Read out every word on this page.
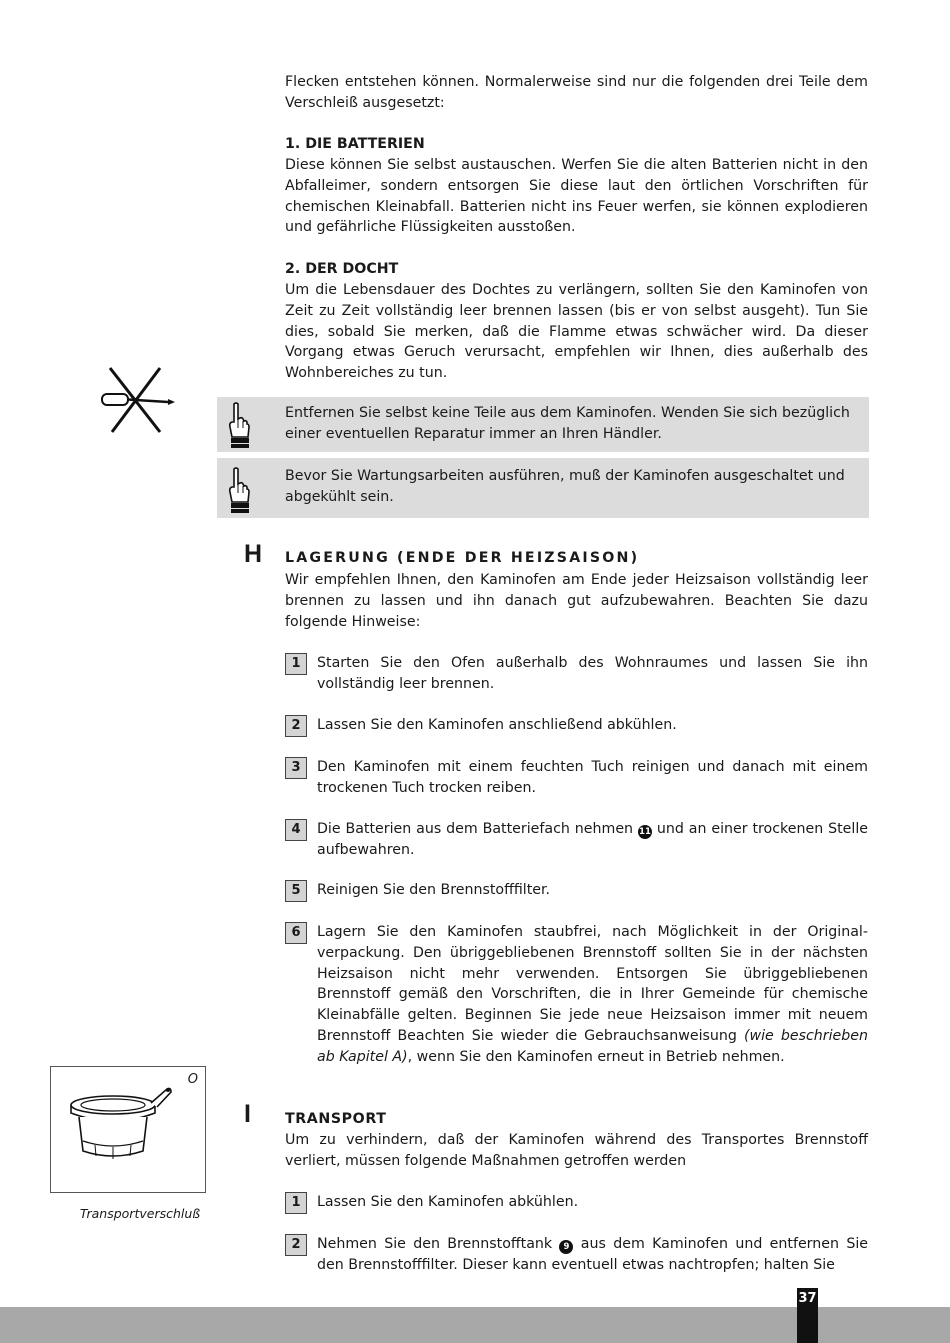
Flecken entstehen können. Normalerweise sind nur die folgenden drei Teile dem Verschleiß ausgesetzt:

1. DIE BATTERIEN

Diese können Sie selbst austauschen. Werfen Sie die alten Batterien nicht in den Abfalleimer, sondern entsorgen Sie diese laut den örtlichen Vorschriften für chemischen Kleinabfall. Batterien nicht ins Feuer werfen, sie können explodieren und gefährliche Flüssigkeiten ausstoßen.

2. DER DOCHT

Um die Lebensdauer des Dochtes zu verlängern, sollten Sie den Kaminofen von Zeit zu Zeit vollständig leer brennen lassen (bis er von selbst ausgeht). Tun Sie dies, sobald Sie merken, daß die Flamme etwas schwächer wird. Da dieser Vorgang etwas Geruch verursacht, empfehlen wir Ihnen, dies außerhalb des Wohnbereiches zu tun.

Entfernen Sie selbst keine Teile aus dem Kaminofen. Wenden Sie sich bezüglich einer eventuellen Reparatur immer an Ihren Händler.
Bevor Sie Wartungsarbeiten ausführen, muß der Kaminofen ausgeschaltet und abgekühlt sein.
H LAGERUNG (ENDE DER HEIZSAISON)

Wir empfehlen Ihnen, den Kaminofen am Ende jeder Heizsaison vollständig leer brennen zu lassen und ihn danach gut aufzubewahren. Beachten Sie dazu folgende Hinweise:

1	Starten Sie den Ofen außerhalb des Wohnraumes und lassen Sie ihn vollständig leer brennen.
2	Lassen Sie den Kaminofen anschließend abkühlen.
3	Den Kaminofen mit einem feuchten Tuch reinigen und danach mit einem trockenen Tuch trocken reiben.
4	Die Batterien aus dem Batteriefach nehmen 11 und an einer trockenen Stelle aufbewahren.
5	Reinigen Sie den Brennstofffilter.
6	Lagern Sie den Kaminofen staubfrei, nach Möglichkeit in der Original-verpackung. Den übriggebliebenen Brennstoff sollten Sie in der nächsten Heizsaison nicht mehr verwenden. Entsorgen Sie übriggebliebenen Brennstoff gemäß den Vorschriften, die in Ihrer Gemeinde für chemische Kleinabfälle gelten. Beginnen Sie jede neue Heizsaison immer mit neuem Brennstoff Beachten Sie wieder die Gebrauchsanweisung (wie beschrieben ab Kapitel A), wenn Sie den Kaminofen erneut in Betrieb nehmen.
O
Transportverschluß
I TRANSPORT

Um zu verhindern, daß der Kaminofen während des Transportes Brennstoff verliert, müssen folgende Maßnahmen getroffen werden

1	Lassen Sie den Kaminofen abkühlen.
2	Nehmen Sie den Brennstofftank 9 aus dem Kaminofen und entfernen Sie den Brennstofffilter. Dieser kann eventuell etwas nachtropfen; halten Sie
37
